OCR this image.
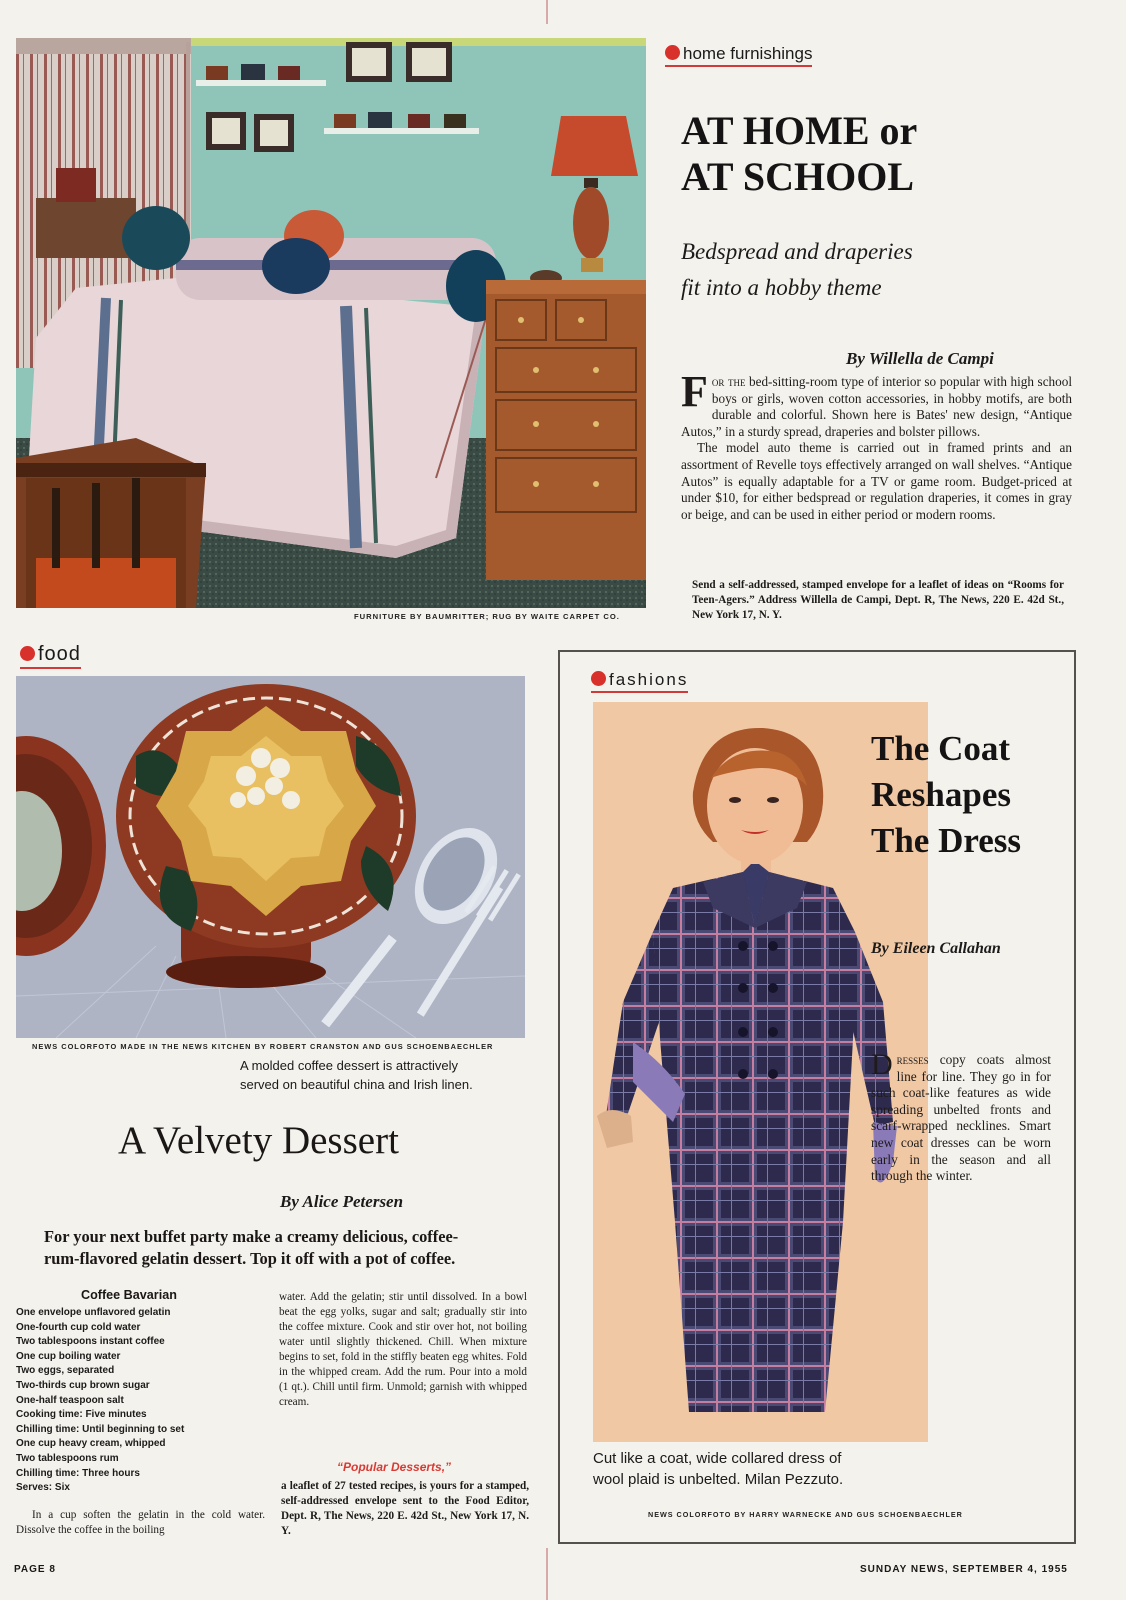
FURNITURE BY BAUMRITTER; RUG BY WAITE CARPET CO.
home furnishings
AT HOME or
AT SCHOOL
Bedspread and draperies
fit into a hobby theme
By Willella de Campi

For the bed-sitting-room type of interior so popular with high school boys or girls, woven cotton accessories, in hobby motifs, are both durable and colorful. Shown here is Bates' new design, “Antique Autos,” in a sturdy spread, draperies and bolster pillows.

The model auto theme is carried out in framed prints and an assortment of Revelle toys effectively arranged on wall shelves. “Antique Autos” is equally adaptable for a TV or game room. Budget-priced at under $10, for either bedspread or regulation draperies, it comes in gray or beige, and can be used in either period or modern rooms.

Send a self-addressed, stamped envelope for a leaflet of ideas on “Rooms for Teen-Agers.” Address Willella de Campi, Dept. R, The News, 220 E. 42d St., New York 17, N. Y.
food
NEWS COLORFOTO MADE IN THE NEWS KITCHEN BY ROBERT CRANSTON AND GUS SCHOENBAECHLER
A molded coffee dessert is attractively
served on beautiful china and Irish linen.
A Velvety Dessert
By Alice Petersen
For your next buffet party make a creamy delicious, coffee-
rum-flavored gelatin dessert. Top it off with a pot of coffee.
Coffee Bavarian
One envelope unflavored gelatin
One-fourth cup cold water
Two tablespoons instant coffee
One cup boiling water
Two eggs, separated
Two-thirds cup brown sugar
One-half teaspoon salt
Cooking time: Five minutes
Chilling time: Until beginning to set
One cup heavy cream, whipped
Two tablespoons rum
Chilling time: Three hours
Serves: Six

In a cup soften the gelatin in the cold water. Dissolve the coffee in the boiling

water. Add the gelatin; stir until dissolved. In a bowl beat the egg yolks, sugar and salt; gradually stir into the coffee mixture. Cook and stir over hot, not boiling water until slightly thickened. Chill. When mixture begins to set, fold in the stiffly beaten egg whites. Fold in the whipped cream. Add the rum. Pour into a mold (1 qt.). Chill until firm. Unmold; garnish with whipped cream.

“Popular Desserts,”
a leaflet of 27 tested recipes, is yours for a stamped, self-addressed envelope sent to the Food Editor, Dept. R, The News, 220 E. 42d St., New York 17, N. Y.
fashions
The Coat
Reshapes
The Dress
By Eileen Callahan

Dresses copy coats almost line for line. They go in for such coat-like features as wide spreading unbelted fronts and scarf-wrapped necklines. Smart new coat dresses can be worn early in the season and all through the winter.

Cut like a coat, wide collared dress of
wool plaid is unbelted. Milan Pezzuto.
NEWS COLORFOTO BY HARRY WARNECKE AND GUS SCHOENBAECHLER
PAGE 8	SUNDAY NEWS, SEPTEMBER 4, 1955
